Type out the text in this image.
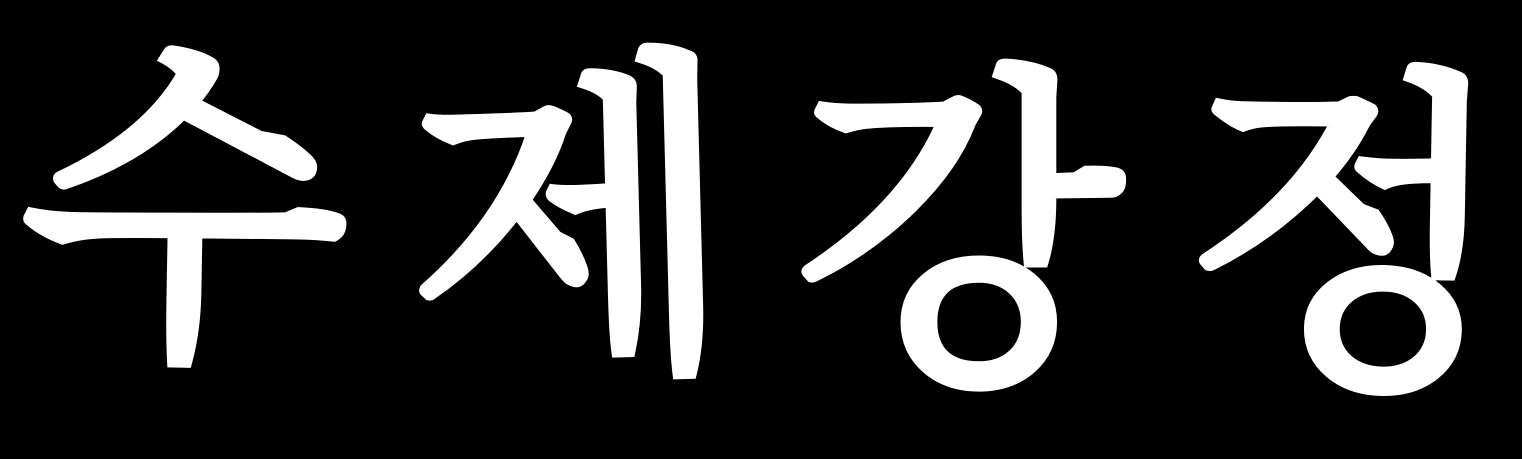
수 제 강 정
